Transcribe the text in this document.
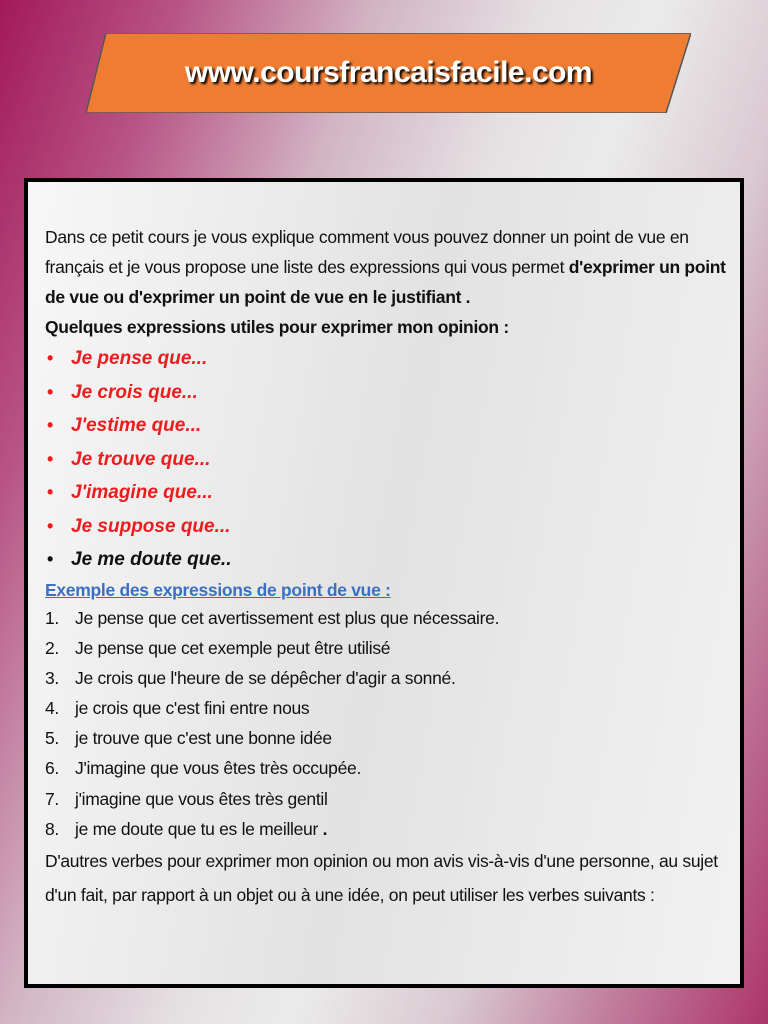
www.coursfrancaisfacile.com
Dans ce petit cours je vous explique comment vous pouvez donner un point de vue en français et je vous propose une liste des expressions qui vous permet d'exprimer un point de vue ou d'exprimer un point de vue en le justifiant .
Quelques expressions utiles pour exprimer mon opinion :
• Je pense que...
• Je crois que...
• J'estime que...
• Je trouve que...
• J'imagine que...
• Je suppose que...
• Je me doute que..
Exemple des expressions de point de vue :
1. Je pense que cet avertissement est plus que nécessaire.
2. Je pense que cet exemple peut être utilisé
3. Je crois que l'heure de se dépêcher d'agir a sonné.
4. je crois que c'est fini entre nous
5. je trouve que c'est une bonne idée
6. J'imagine que vous êtes très occupée.
7. j'imagine que vous êtes très gentil
8. je me doute que tu es le meilleur .
D'autres verbes pour exprimer mon opinion ou mon avis vis-à-vis d'une personne, au sujet d'un fait, par rapport à un objet ou à une idée, on peut utiliser les verbes suivants :
